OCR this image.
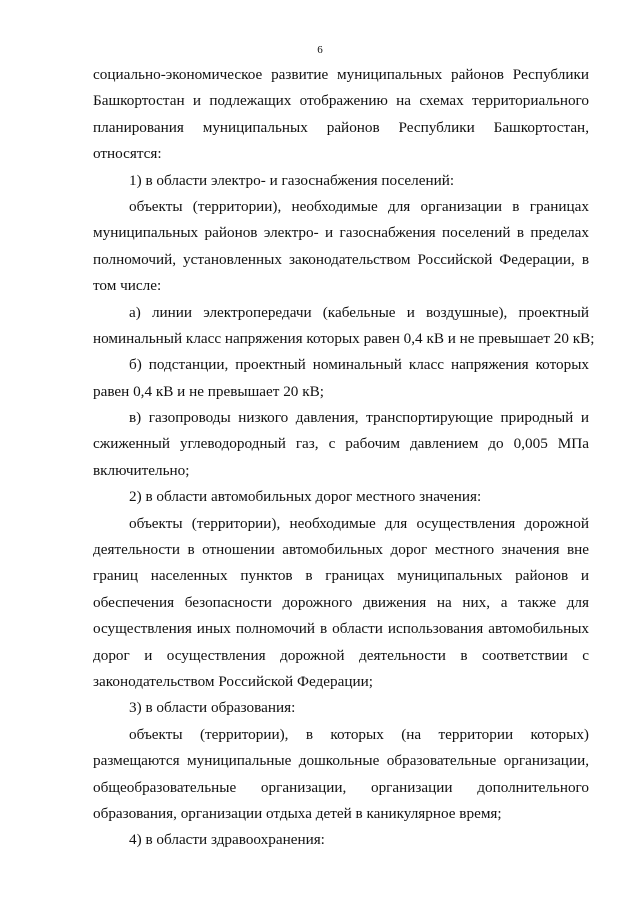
6
социально-экономическое развитие муниципальных районов Республики
Башкортостан и подлежащих отображению на схемах территориального
планирования муниципальных районов Республики Башкортостан,
относятся:
1) в области электро- и газоснабжения поселений:
объекты (территории), необходимые для организации в границах
муниципальных районов электро- и газоснабжения поселений в пределах
полномочий, установленных законодательством Российской Федерации, в
том числе:
а) линии электропередачи (кабельные и воздушные), проектный
номинальный класс напряжения которых равен 0,4 кВ и не превышает 20 кВ;
б) подстанции, проектный номинальный класс напряжения которых
равен 0,4 кВ и не превышает 20 кВ;
в) газопроводы низкого давления, транспортирующие природный и
сжиженный углеводородный газ, с рабочим давлением до 0,005 МПа
включительно;
2) в области автомобильных дорог местного значения:
объекты (территории), необходимые для осуществления дорожной
деятельности в отношении автомобильных дорог местного значения вне
границ населенных пунктов в границах муниципальных районов и
обеспечения безопасности дорожного движения на них, а также для
осуществления иных полномочий в области использования автомобильных
дорог и осуществления дорожной деятельности в соответствии с
законодательством Российской Федерации;
3) в области образования:
объекты (территории), в которых (на территории которых)
размещаются муниципальные дошкольные образовательные организации,
общеобразовательные организации, организации дополнительного
образования, организации отдыха детей в каникулярное время;
4) в области здравоохранения:
